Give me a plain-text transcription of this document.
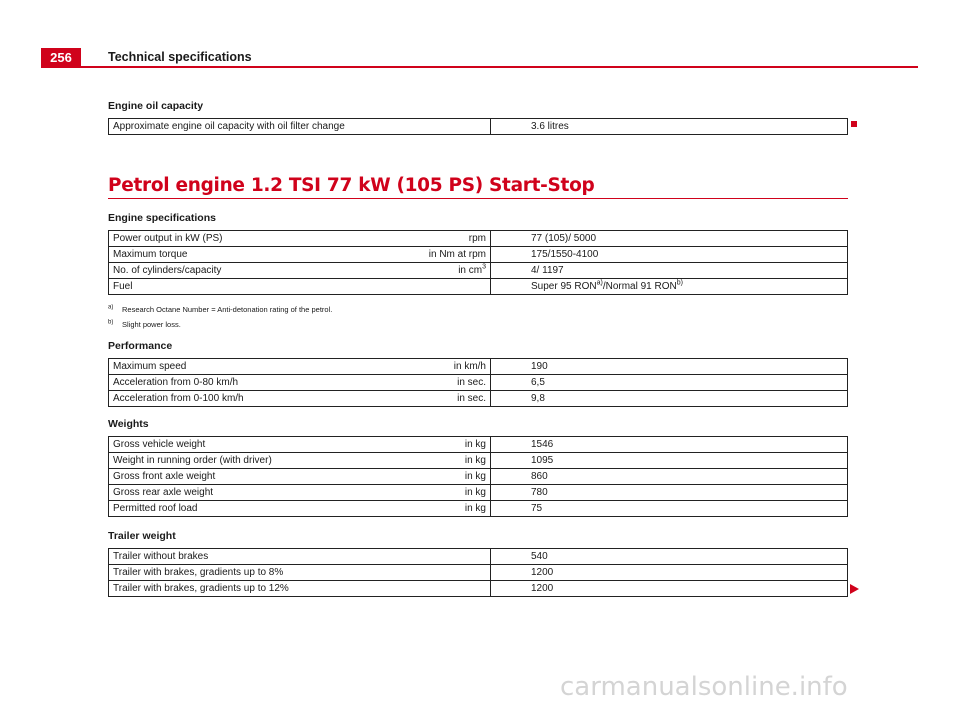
256	Technical specifications
Engine oil capacity
Approximate engine oil capacity with oil filter change	3.6 litres
Petrol engine 1.2 TSI 77 kW (105 PS) Start-Stop
Engine specifications
Power output in kW (PS)	rpm	77 (105)/ 5000
Maximum torque	in Nm at rpm	175/1550-4100
No. of cylinders/capacity	in $cm^3$	4/ 1197
Fuel		Super 95 RON$^{a)}$/Normal 91 RON$^{b)}$
$^{a)}$ Research Octane Number = Anti-detonation rating of the petrol.
$^{b)}$ Slight power loss.
Performance
Maximum speed	in km/h	190
Acceleration from 0-80 km/h	in sec.	6,5
Acceleration from 0-100 km/h	in sec.	9,8
Weights
Gross vehicle weight	in kg	1546
Weight in running order (with driver)	in kg	1095
Gross front axle weight	in kg	860
Gross rear axle weight	in kg	780
Permitted roof load	in kg	75
Trailer weight
Trailer without brakes	540
Trailer with brakes, gradients up to 8%	1200
Trailer with brakes, gradients up to 12%	1200
carmanualsonline.info
